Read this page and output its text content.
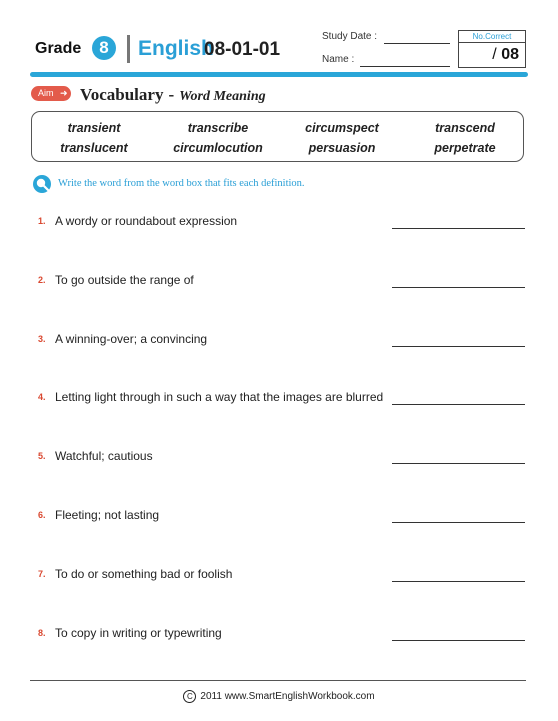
Grade	8	English
08-01-01
Study Date :
Name :
No.Correct
/ 08
Aim ➜ Vocabulary - Word Meaning
transient	transcribe	circumspect	transcend
translucent	circumlocution	persuasion	perpetrate
Write the word from the word box that fits each definition.
1. A wordy or roundabout expression
2. To go outside the range of
3. A winning-over; a convincing
4. Letting light through in such a way that the images are blurred
5. Watchful; cautious
6. Fleeting; not lasting
7. To do or something bad or foolish
8. To copy in writing or typewriting
C 2011 www.SmartEnglishWorkbook.com
